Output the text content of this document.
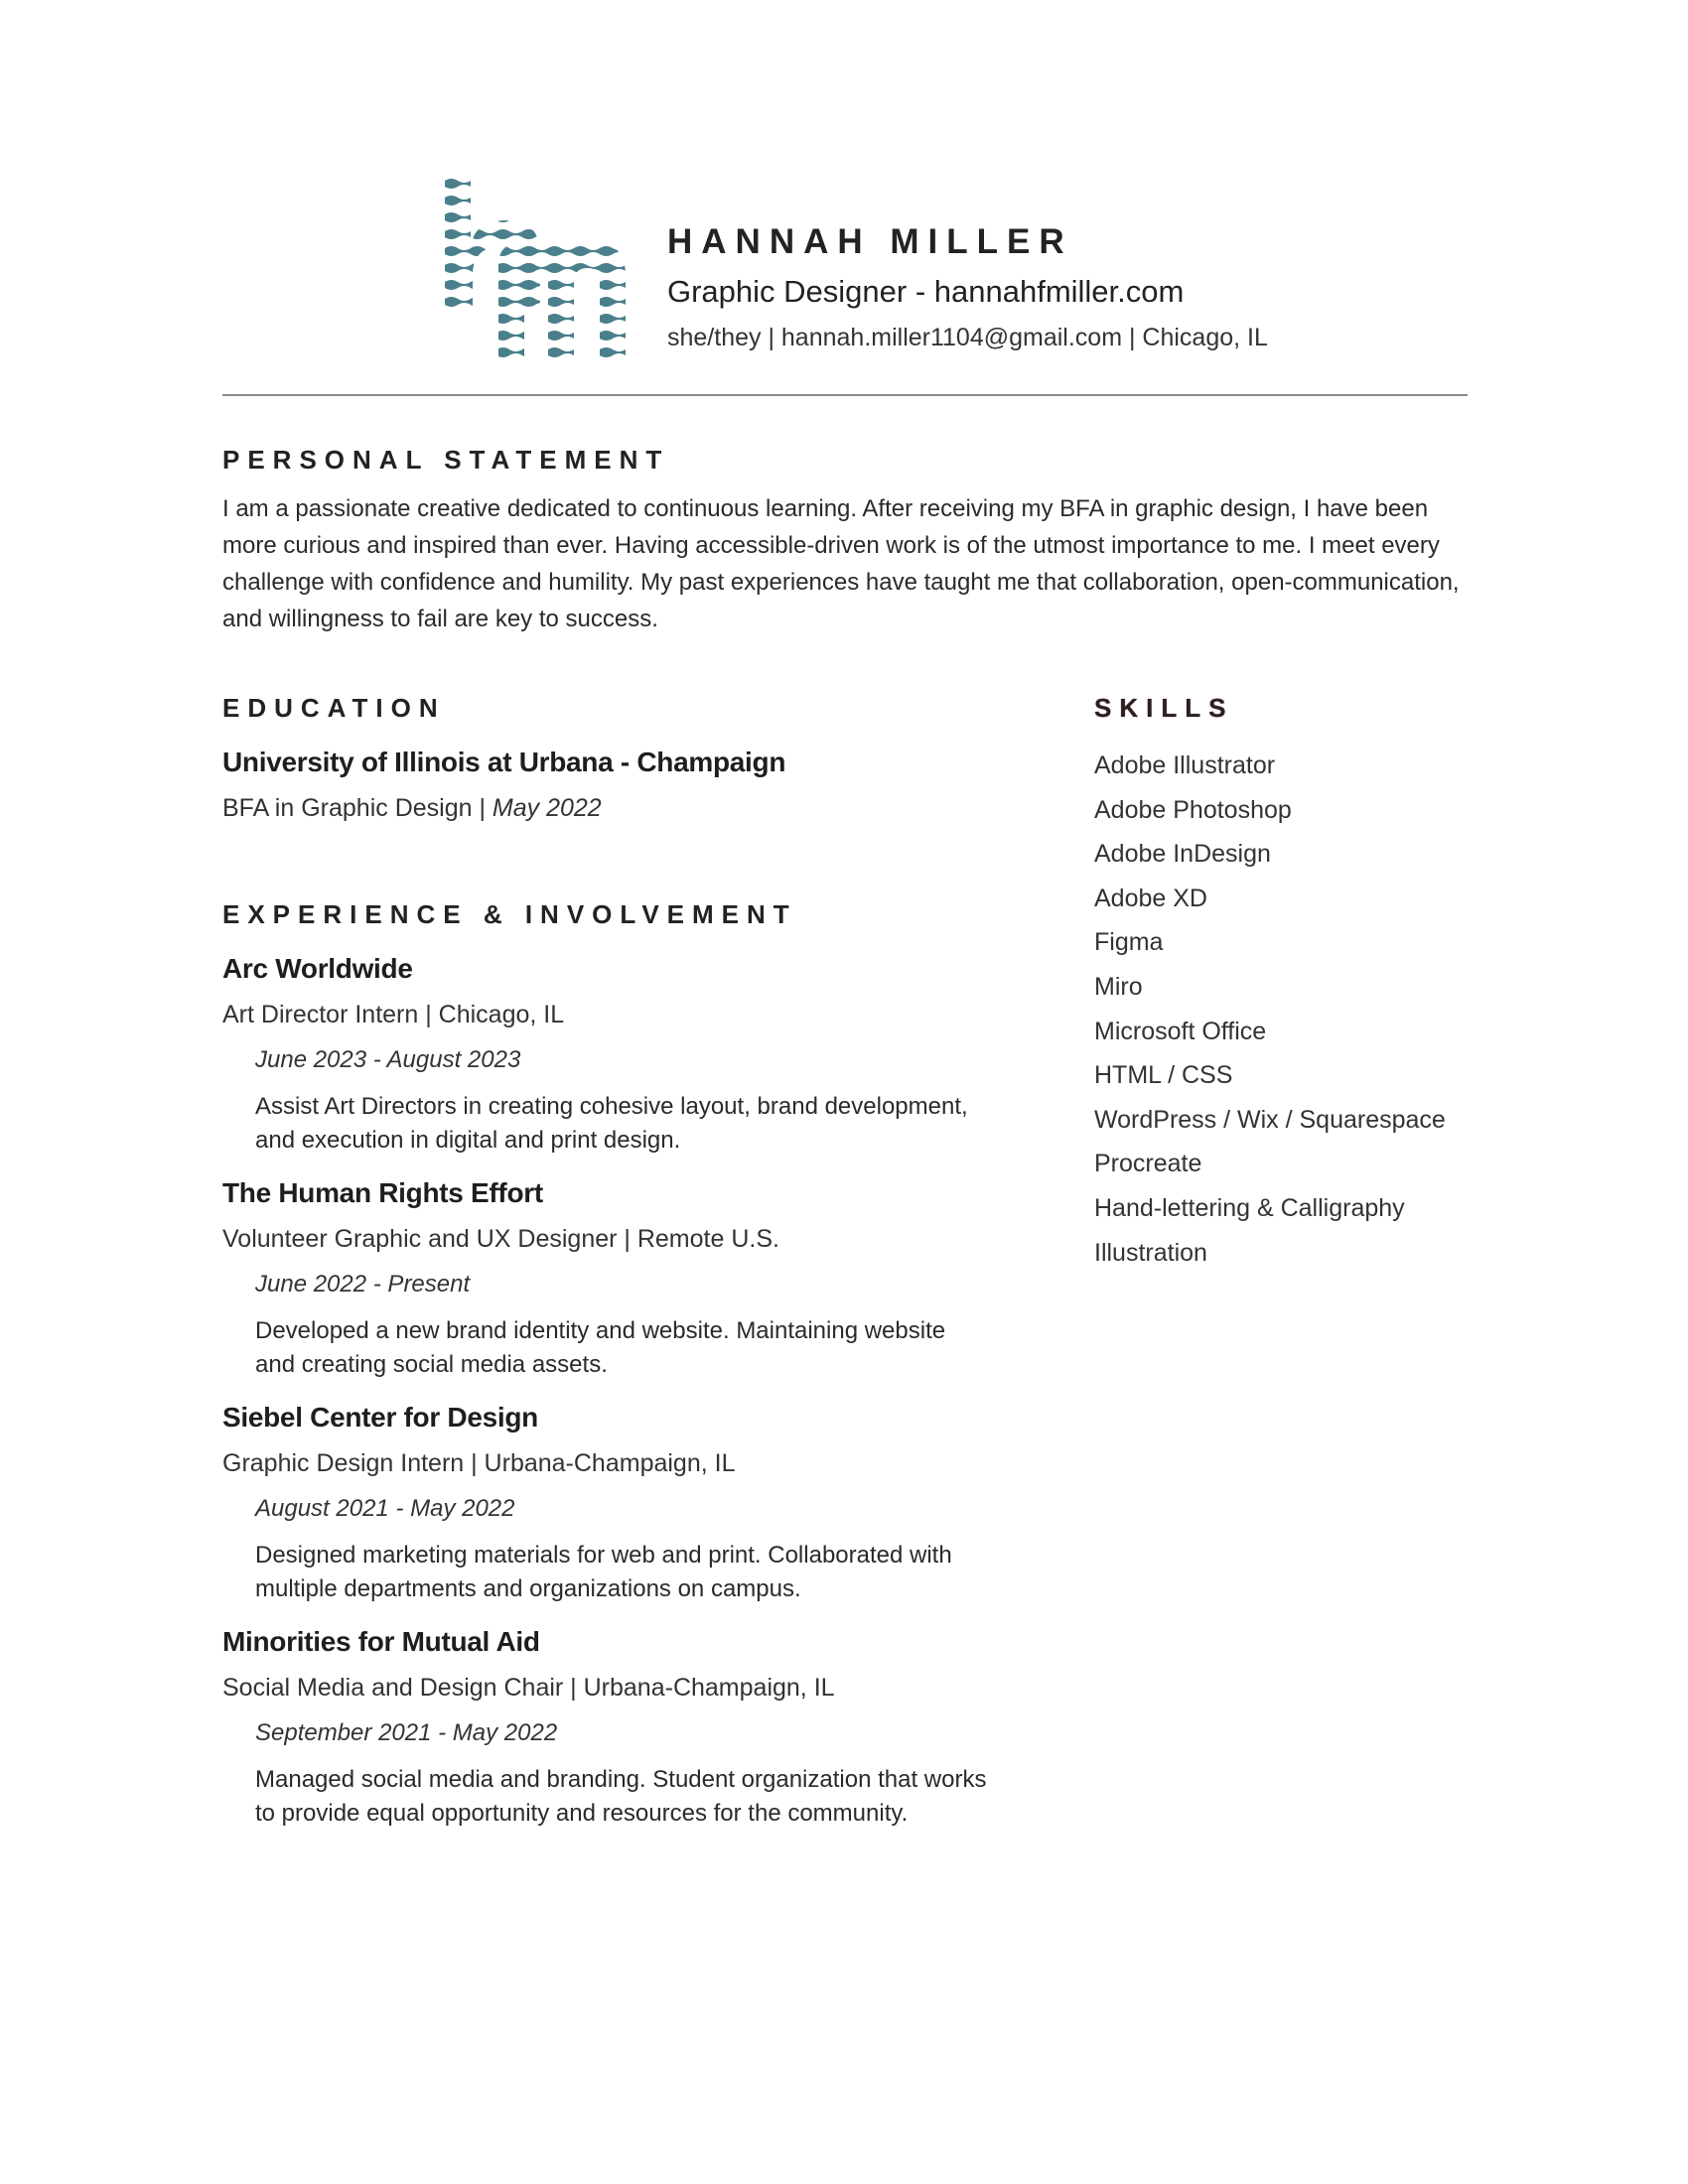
HANNAH MILLER
Graphic Designer - hannahfmiller.com
she/they | hannah.miller1104@gmail.com | Chicago, IL
PERSONAL STATEMENT
I am a passionate creative dedicated to continuous learning. After receiving my BFA in graphic design, I have been
more curious and inspired than ever. Having accessible-driven work is of the utmost importance to me. I meet every
challenge with confidence and humility. My past experiences have taught me that collaboration, open-communication,
and willingness to fail are key to success.
EDUCATION
University of Illinois at Urbana - Champaign
BFA in Graphic Design | May 2022
EXPERIENCE & INVOLVEMENT
Arc Worldwide
Art Director Intern | Chicago, IL
June 2023 - August 2023
Assist Art Directors in creating cohesive layout, brand development,
and execution in digital and print design.
The Human Rights Effort
Volunteer Graphic and UX Designer | Remote U.S.
June 2022 - Present
Developed a new brand identity and website. Maintaining website
and creating social media assets.
Siebel Center for Design
Graphic Design Intern | Urbana-Champaign, IL
August 2021 - May 2022
Designed marketing materials for web and print. Collaborated with
multiple departments and organizations on campus.
Minorities for Mutual Aid
Social Media and Design Chair | Urbana-Champaign, IL
September 2021 - May 2022
Managed social media and branding. Student organization that works
to provide equal opportunity and resources for the community.
SKILLS
Adobe Illustrator
Adobe Photoshop
Adobe InDesign
Adobe XD
Figma
Miro
Microsoft Office
HTML / CSS
WordPress / Wix / Squarespace
Procreate
Hand-lettering & Calligraphy
Illustration
